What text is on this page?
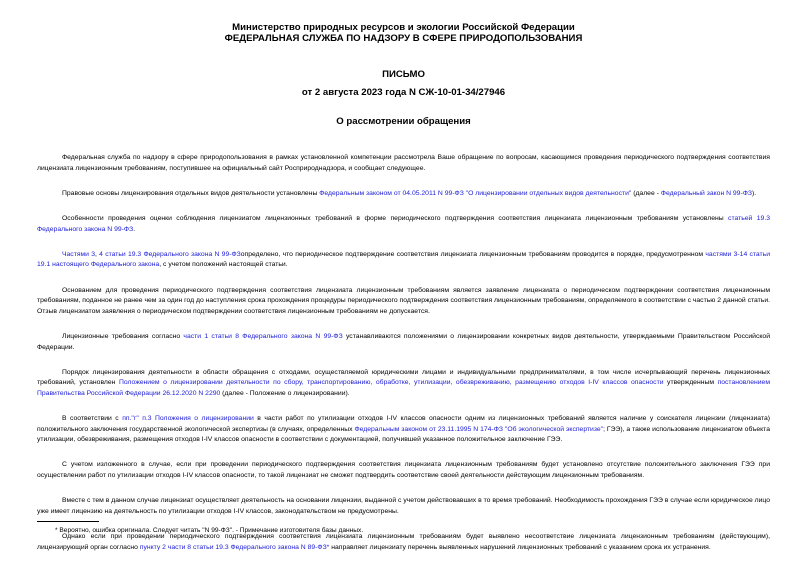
Министерство природных ресурсов и экологии Российской Федерации
ФЕДЕРАЛЬНАЯ СЛУЖБА ПО НАДЗОРУ В СФЕРЕ ПРИРОДОПОЛЬЗОВАНИЯ
ПИСЬМО
от 2 августа 2023 года N СЖ-10-01-34/27946
О рассмотрении обращения

Федеральная служба по надзору в сфере природопользования в рамках установленной компетенции рассмотрела Ваше обращение по вопросам, касающимся проведения периодического подтверждения соответствия лицензиата лицензионным требованиям, поступившее на официальный сайт Росприроднадзора, и сообщает следующее.

Правовые основы лицензирования отдельных видов деятельности установлены Федеральным законом от 04.05.2011 N 99-ФЗ "О лицензировании отдельных видов деятельности" (далее - Федеральный закон N 99-ФЗ).

Особенности проведения оценки соблюдения лицензиатом лицензионных требований в форме периодического подтверждения соответствия лицензиата лицензионным требованиям установлены статьей 19.3 Федерального закона N 99-ФЗ.

Частями 3, 4 статьи 19.3 Федерального закона N 99-ФЗопределено, что периодическое подтверждение соответствия лицензиата лицензионным требованиям проводится в порядке, предусмотренном частями 3-14 статьи 19.1 настоящего Федерального закона, с учетом положений настоящей статьи.

Основанием для проведения периодического подтверждения соответствия лицензиата лицензионным требованиям является заявление лицензиата о периодическом подтверждении соответствия лицензионным требованиям, поданное не ранее чем за один год до наступления срока прохождения процедуры периодического подтверждения соответствия лицензионным требованиям, определяемого в соответствии с частью 2 данной статьи. Отзыв лицензиатом заявления о периодическом подтверждении соответствия лицензионным требованиям не допускается.

Лицензионные требования согласно части 1 статьи 8 Федерального закона N 99-ФЗ устанавливаются положениями о лицензировании конкретных видов деятельности, утверждаемыми Правительством Российской Федерации.

Порядок лицензирования деятельности в области обращения с отходами, осуществляемой юридическими лицами и индивидуальными предпринимателями, в том числе исчерпывающий перечень лицензионных требований, установлен Положением о лицензировании деятельности по сбору, транспортированию, обработке, утилизации, обезвреживанию, размещению отходов I-IV классов опасности утвержденным постановлением Правительства Российской Федерации 26.12.2020 N 2290 (далее - Положение о лицензировании).

В соответствии с пп."г" п.3 Положения о лицензировании в части работ по утилизации отходов I-IV классов опасности одним из лицензионных требований является наличие у соискателя лицензии (лицензиата) положительного заключения государственной экологической экспертизы (в случаях, определенных Федеральным законом от 23.11.1995 N 174-ФЗ "Об экологической экспертизе"; ГЭЭ), а также использование лицензиатом объекта утилизации, обезвреживания, размещения отходов I-IV классов опасности в соответствии с документацией, получившей указанное положительное заключение ГЭЭ.

С учетом изложенного в случае, если при проведении периодического подтверждения соответствия лицензиата лицензионным требованиям будет установлено отсутствие положительного заключения ГЭЭ при осуществлении работ по утилизации отходов I-IV классов опасности, то такой лицензиат не сможет подтвердить соответствие своей деятельности действующим лицензионным требованиям.

Вместе с тем в данном случае лицензиат осуществляет деятельность на основании лицензии, выданной с учетом действовавших в то время требований. Необходимость прохождения ГЭЭ в случае если юридическое лицо уже имеет лицензию на деятельность по утилизации отходов I-IV классов, законодательством не предусмотрены.

Однако если при проведении периодического подтверждения соответствия лицензиата лицензионным требованиям будет выявлено несоответствие лицензиата лицензионным требованиям (действующим), лицензирующий орган согласно пункту 2 части 8 статьи 19.3 Федерального закона N 89-ФЗ* направляет лицензиату перечень выявленных нарушений лицензионных требований с указанием срока их устранения.

* Вероятно, ошибка оригинала. Следует читать "N 99-ФЗ". - Примечание изготовителя базы данных.
